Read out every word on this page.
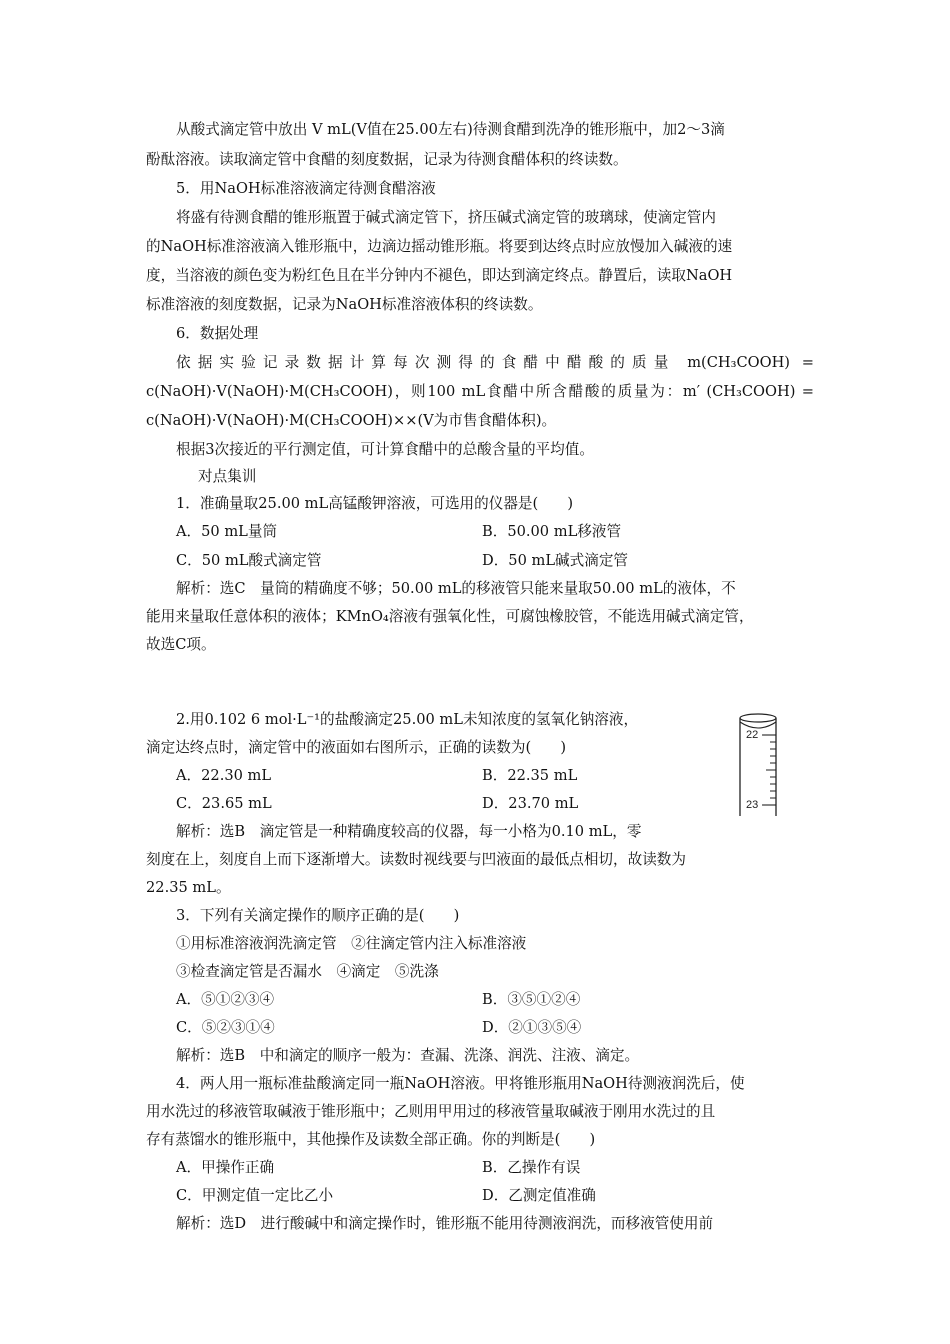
从酸式滴定管中放出 V mL(V值在25.00左右)待测食醋到洗净的锥形瓶中，加2～3滴
酚酞溶液。读取滴定管中食醋的刻度数据，记录为待测食醋体积的终读数。
5．用NaOH标准溶液滴定待测食醋溶液
将盛有待测食醋的锥形瓶置于碱式滴定管下，挤压碱式滴定管的玻璃球，使滴定管内
的NaOH标准溶液滴入锥形瓶中，边滴边摇动锥形瓶。将要到达终点时应放慢加入碱液的速
度，当溶液的颜色变为粉红色且在半分钟内不褪色，即达到滴定终点。静置后，读取NaOH
标准溶液的刻度数据，记录为NaOH标准溶液体积的终读数。
6．数据处理
依据实验记录数据计算每次测得的食醋中醋酸的质量 m(CH₃COOH) =
c(NaOH)·V(NaOH)·M(CH₃COOH)，则100 mL食醋中所含醋酸的质量为：m′ (CH₃COOH) =
c(NaOH)·V(NaOH)·M(CH₃COOH)××(V为市售食醋体积)。
根据3次接近的平行测定值，可计算食醋中的总酸含量的平均值。
对点集训
1．准确量取25.00 mL高锰酸钾溶液，可选用的仪器是(　　)
A．50 mL量筒	B．50.00 mL移液管
C．50 mL酸式滴定管	D．50 mL碱式滴定管
解析：选C　量筒的精确度不够；50.00 mL的移液管只能来量取50.00 mL的液体，不
能用来量取任意体积的液体；KMnO₄溶液有强氧化性，可腐蚀橡胶管，不能选用碱式滴定管，
故选C项。
2.用0.102 6 mol·L⁻¹的盐酸滴定25.00 mL未知浓度的氢氧化钠溶液，
滴定达终点时，滴定管中的液面如右图所示，正确的读数为(　　)
A．22.30 mL	B．22.35 mL
C．23.65 mL	D．23.70 mL
解析：选B　滴定管是一种精确度较高的仪器，每一小格为0.10 mL，零
刻度在上，刻度自上而下逐渐增大。读数时视线要与凹液面的最低点相切，故读数为
22.35 mL。
22
23
3．下列有关滴定操作的顺序正确的是(　　)
①用标准溶液润洗滴定管　②往滴定管内注入标准溶液
③检查滴定管是否漏水　④滴定　⑤洗涤
A．⑤①②③④	B．③⑤①②④
C．⑤②③①④	D．②①③⑤④
解析：选B　中和滴定的顺序一般为：查漏、洗涤、润洗、注液、滴定。
4．两人用一瓶标准盐酸滴定同一瓶NaOH溶液。甲将锥形瓶用NaOH待测液润洗后，使
用水洗过的移液管取碱液于锥形瓶中；乙则用甲用过的移液管量取碱液于刚用水洗过的且
存有蒸馏水的锥形瓶中，其他操作及读数全部正确。你的判断是(　　)
A．甲操作正确	B．乙操作有误
C．甲测定值一定比乙小	D．乙测定值准确
解析：选D　进行酸碱中和滴定操作时，锥形瓶不能用待测液润洗，而移液管使用前
